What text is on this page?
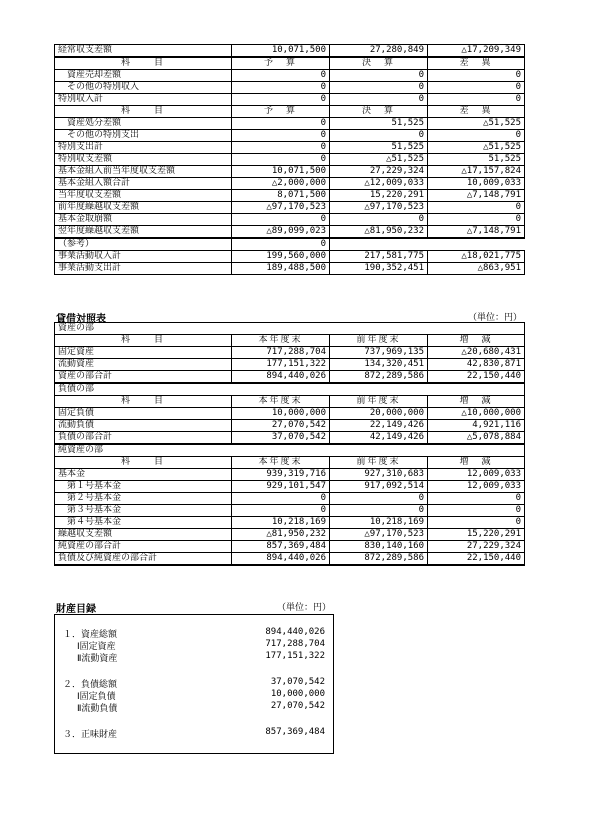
経常収支差額	10,071,500	27,280,849	△17,209,349
科　　目	予　算	決　算	差　異
資産売却差額	0	0	0
その他の特別収入	0	0	0
特別収入計	0	0	0
科　　目	予　算	決　算	差　異
資産処分差額	0	51,525	△51,525
その他の特別支出	0	0	0
特別支出計	0	51,525	△51,525
特別収支差額	0	△51,525	51,525
基本金組入前当年度収支差額	10,071,500	27,229,324	△17,157,824
基本金組入額合計	△2,000,000	△12,009,033	10,009,033
当年度収支差額	8,071,500	15,220,291	△7,148,791
前年度繰越収支差額	△97,170,523	△97,170,523	0
基本金取崩額	0	0	0
翌年度繰越収支差額	△89,099,023	△81,950,232	△7,148,791
（参考）	0		
事業活動収入計	199,560,000	217,581,775	△18,021,775
事業活動支出計	189,488,500	190,352,451	△863,951
貸借対照表	（単位：円）
資産の部			
科　　目	本年度末	前年度末	増　減
固定資産	717,288,704	737,969,135	△20,680,431
流動資産	177,151,322	134,320,451	42,830,871
資産の部合計	894,440,026	872,289,586	22,150,440
負債の部			
科　　目	本年度末	前年度末	増　減
固定負債	10,000,000	20,000,000	△10,000,000
流動負債	27,070,542	22,149,426	4,921,116
負債の部合計	37,070,542	42,149,426	△5,078,884
純資産の部			
科　　目	本年度末	前年度末	増　減
基本金	939,319,716	927,310,683	12,009,033
第１号基本金	929,101,547	917,092,514	12,009,033
第２号基本金	0	0	0
第３号基本金	0	0	0
第４号基本金	10,218,169	10,218,169	0
繰越収支差額	△81,950,232	△97,170,523	15,220,291
純資産の部合計	857,369,484	830,140,160	27,229,324
負債及び純資産の部合計	894,440,026	872,289,586	22,150,440
財産目録	（単位：円）
１．資産総額	894,440,026
Ⅰ固定資産	717,288,704
Ⅱ流動資産	177,151,322
２．負債総額	37,070,542
Ⅰ固定負債	10,000,000
Ⅱ流動負債	27,070,542
３．正味財産	857,369,484
